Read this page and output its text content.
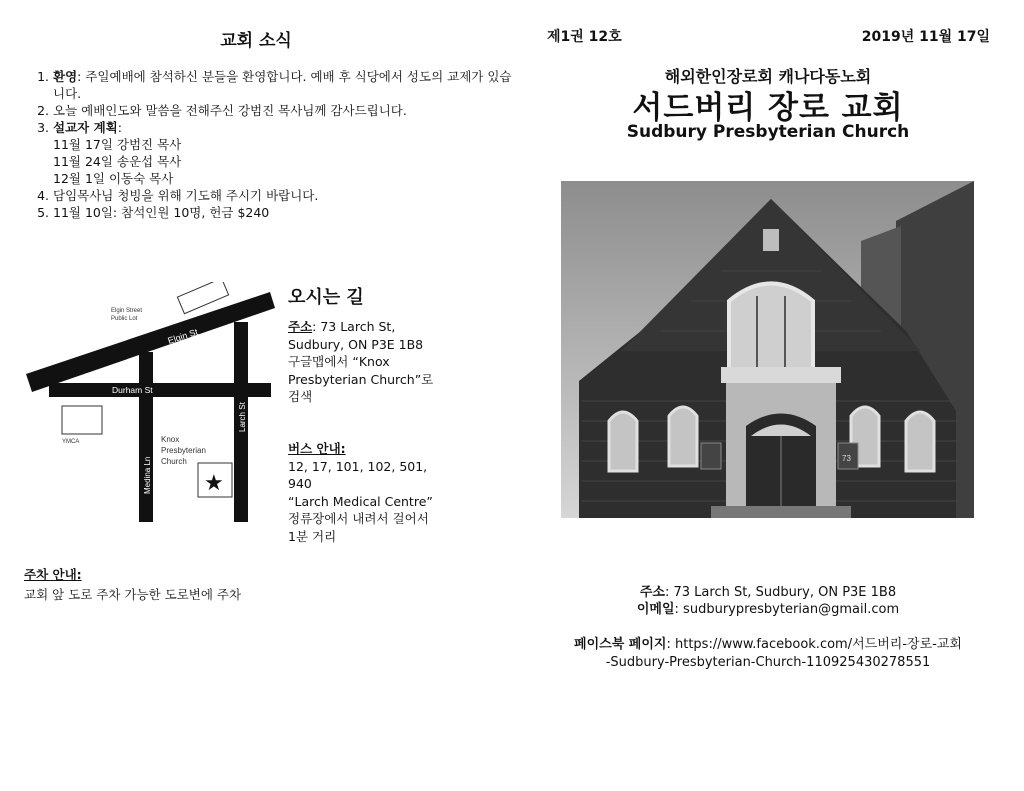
교회 소식
1. 환영: 주일예배에 참석하신 분들을 환영합니다. 예배 후 식당에서 성도의 교제가 있습니다.
2. 오늘 예배인도와 말씀을 전해주신 강범진 목사님께 감사드립니다.
3. 설교자 계획:
11월 17일 강범진 목사
11월 24일 송운섭 목사
12월 1일 이동숙 목사
4. 담임목사님 청빙을 위해 기도해 주시기 바랍니다.
5. 11월 10일: 참석인원 10명, 헌금 $240
Elgin Street
Public Lot
Elgin St
Durham St
Larch St
Medina Ln
YMCA	Knox
Presbyterian
Church
★
오시는 길
주소: 73 Larch St,
Sudbury, ON P3E 1B8
구글맵에서 “Knox
Presbyterian Church”로
검색
버스 안내:
12, 17, 101, 102, 501,
940
“Larch Medical Centre”
정류장에서 내려서 걸어서
1분 거리
주차 안내:
교회 앞 도로 주차 가능한 도로변에 주차
제1권 12호	2019년 11월 17일
해외한인장로회 캐나다동노회
서드버리 장로 교회
Sudbury Presbyterian Church
73
주소: 73 Larch St, Sudbury, ON P3E 1B8
이메일: sudburypresbyterian@gmail.com
페이스북 페이지: https://www.facebook.com/서드버리-장로-교회
-Sudbury-Presbyterian-Church-110925430278551
